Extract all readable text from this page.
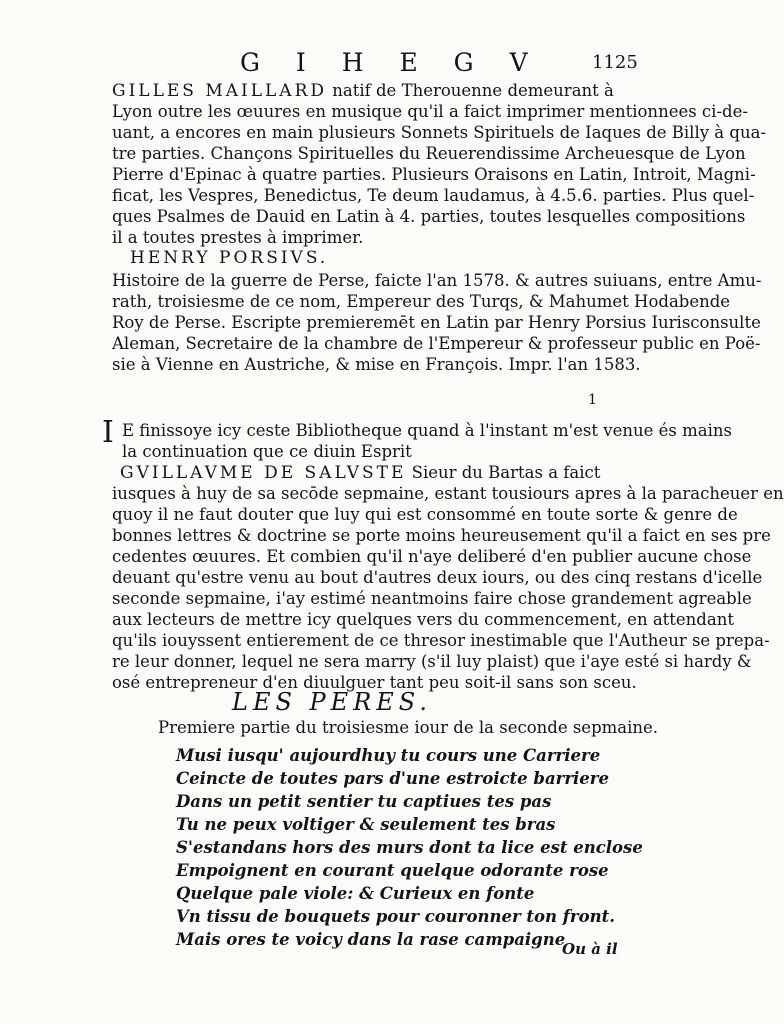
G I H E G V	1125
GILLES MAILLARD natif de Therouenne demeurant à
Lyon outre les œuures en musique qu'il a faict imprimer mentionnees ci-de-
uant, a encores en main plusieurs Sonnets Spirituels de Iaques de Billy à qua-
tre parties. Chançons Spirituelles du Reuerendissime Archeuesque de Lyon
Pierre d'Epinac à quatre parties. Plusieurs Oraisons en Latin, Introit, Magni-
ficat, les Vespres, Benedictus, Te deum laudamus, à 4.5.6. parties. Plus quel-
ques Psalmes de Dauid en Latin à 4. parties, toutes lesquelles compositions
il a toutes prestes à imprimer.
HENRY PORSIVS.
Histoire de la guerre de Perse, faicte l'an 1578. & autres suiuans, entre Amu-
rath, troisiesme de ce nom, Empereur des Turqs, & Mahumet Hodabende
Roy de Perse. Escripte premieremēt en Latin par Henry Porsius Iurisconsulte
Aleman, Secretaire de la chambre de l'Empereur & professeur public en Poë-
sie à Vienne en Austriche, & mise en François. Impr. l'an 1583.
1
I E finissoye icy ceste Bibliotheque quand à l'instant m'est venue és mains
la continuation que ce diuin Esprit
GVILLAVME DE SALVSTE Sieur du Bartas a faict
iusques à huy de sa secōde sepmaine, estant tousiours apres à la paracheuer en
quoy il ne faut douter que luy qui est consommé en toute sorte & genre de
bonnes lettres & doctrine se porte moins heureusement qu'il a faict en ses pre
cedentes œuures. Et combien qu'il n'aye deliberé d'en publier aucune chose
deuant qu'estre venu au bout d'autres deux iours, ou des cinq restans d'icelle
seconde sepmaine, i'ay estimé neantmoins faire chose grandement agreable
aux lecteurs de mettre icy quelques vers du commencement, en attendant
qu'ils iouyssent entierement de ce thresor inestimable que l'Autheur se prepa-
re leur donner, lequel ne sera marry (s'il luy plaist) que i'aye esté si hardy &
osé entrepreneur d'en diuulguer tant peu soit-il sans son sceu.
LES PERES.
Premiere partie du troisiesme iour de la seconde sepmaine.
Musi iusqu' aujourdhuy tu cours une Carriere
Ceincte de toutes pars d'une estroicte barriere
Dans un petit sentier tu captiues tes pas
Tu ne peux voltiger & seulement tes bras
S'estandans hors des murs dont ta lice est enclose
Empoignent en courant quelque odorante rose
Quelque pale viole: & Curieux en fonte
Vn tissu de bouquets pour couronner ton front.
Mais ores te voicy dans la rase campaigne
Ou à il
